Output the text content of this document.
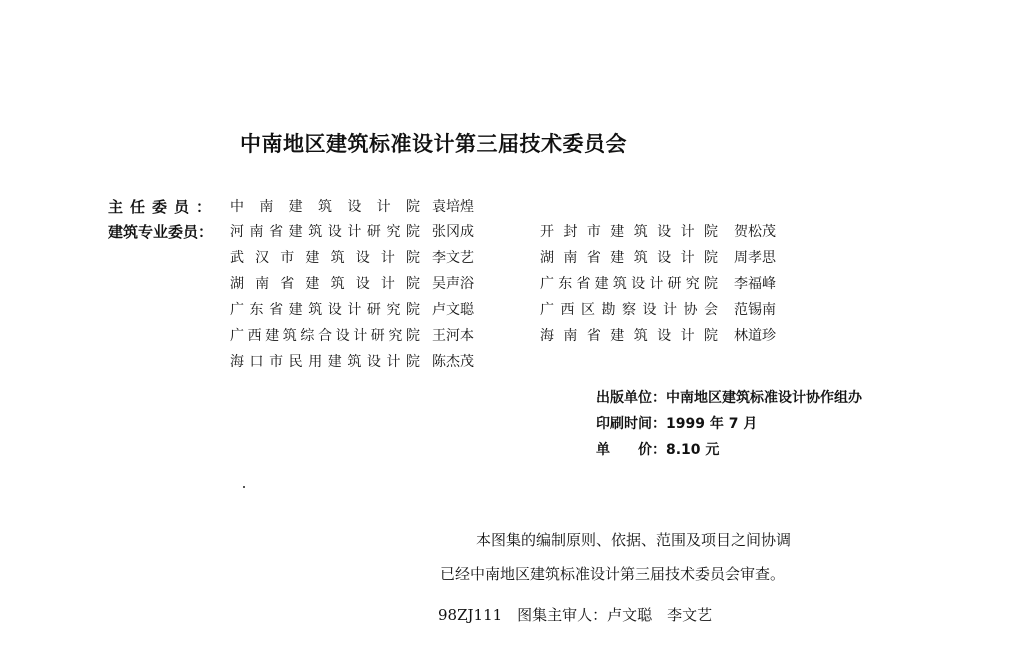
中南地区建筑标准设计第三届技术委员会
主任委员： 中南建筑设计院 袁培煌
建筑专业委员： 河南省建筑设计研究院 张冈成
武汉市建筑设计院 李文艺
湖南省建筑设计院 吴声浴
广东省建筑设计研究院 卢文聪
广西建筑综合设计研究院 王河本
海口市民用建筑设计院 陈杰茂
开封市建筑设计院 贺松茂
湖南省建筑设计院 周孝思
广东省建筑设计研究院 李福峰
广西区勘察设计协会 范锡南
海南省建筑设计院 林道珍
出版单位：中南地区建筑标准设计协作组办
印刷时间：1999 年 7 月
单　　价：8.10 元
本图集的编制原则、依据、范围及项目之间协调
已经中南地区建筑标准设计第三届技术委员会审查。
98ZJ111　图集主审人：卢文聪　李文艺
